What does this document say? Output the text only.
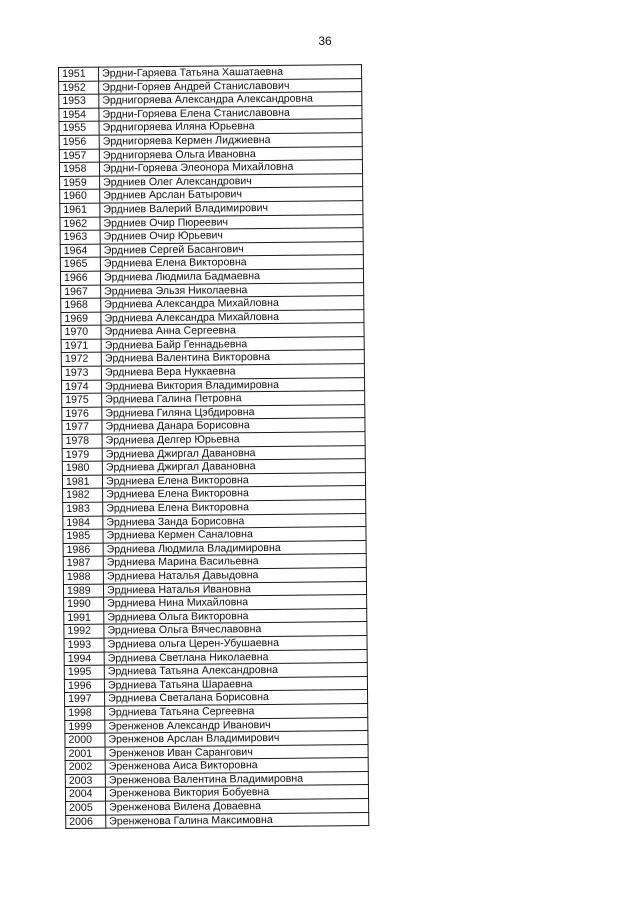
36
1951	Эрдни-Гаряева Татьяна Хашатаевна
1952	Эрдни-Горяев Андрей Станиславович
1953	Эрднигоряева Александра Александровна
1954	Эрдни-Горяева Елена Станиславовна
1955	Эрднигоряева Иляна Юрьевна
1956	Эрднигоряева Кермен Лиджиевна
1957	Эрднигоряева Ольга Ивановна
1958	Эрдни-Горяева Элеонора Михайловна
1959	Эрдниев Олег Александрович
1960	Эрдниев Арслан Батырович
1961	Эрдниев Валерий Владимирович
1962	Эрдниев Очир Пюреевич
1963	Эрдниев Очир Юрьевич
1964	Эрдниев Сергей Басангович
1965	Эрдниева Елена Викторовна
1966	Эрдниева Людмила Бадмаевна
1967	Эрдниева Эльзя Николаевна
1968	Эрдниева Александра Михайловна
1969	Эрдниева Александра Михайловна
1970	Эрдниева Анна Сергеевна
1971	Эрдниева Байр Геннадьевна
1972	Эрдниева Валентина Викторовна
1973	Эрдниева Вера Нуккаевна
1974	Эрдниева Виктория Владимировна
1975	Эрдниева Галина Петровна
1976	Эрдниева Гиляна Цэбдировна
1977	Эрдниева Данара Борисовна
1978	Эрдниева Делгер Юрьевна
1979	Эрдниева Джиргал Давановна
1980	Эрдниева Джиргал Давановна
1981	Эрдниева Елена Викторовна
1982	Эрдниева Елена Викторовна
1983	Эрдниева Елена Викторовна
1984	Эрдниева Занда Борисовна
1985	Эрдниева Кермен Саналовна
1986	Эрдниева Людмила Владимировна
1987	Эрдниева Марина Васильевна
1988	Эрдниева Наталья Давыдовна
1989	Эрдниева Наталья Ивановна
1990	Эрдниева Нина Михайловна
1991	Эрдниева Ольга Викторовна
1992	Эрдниева Ольга Вячеславовна
1993	Эрдниева ольга Церен-Убушаевна
1994	Эрдниева Светлана Николаевна
1995	Эрдниева Татьяна Александровна
1996	Эрдниева Татьяна Шараевна
1997	Эрдниева Светалана Борисовна
1998	Эрдниева Татьяна Сергеевна
1999	Эренженов Александр Иванович
2000	Эренженов Арслан Владимирович
2001	Эренженов Иван Сарангович
2002	Эренженова Аиса Викторовна
2003	Эренженова Валентина Владимировна
2004	Эренженова Виктория Бобуевна
2005	Эренженова Вилена Доваевна
2006	Эренженова Галина Максимовна
